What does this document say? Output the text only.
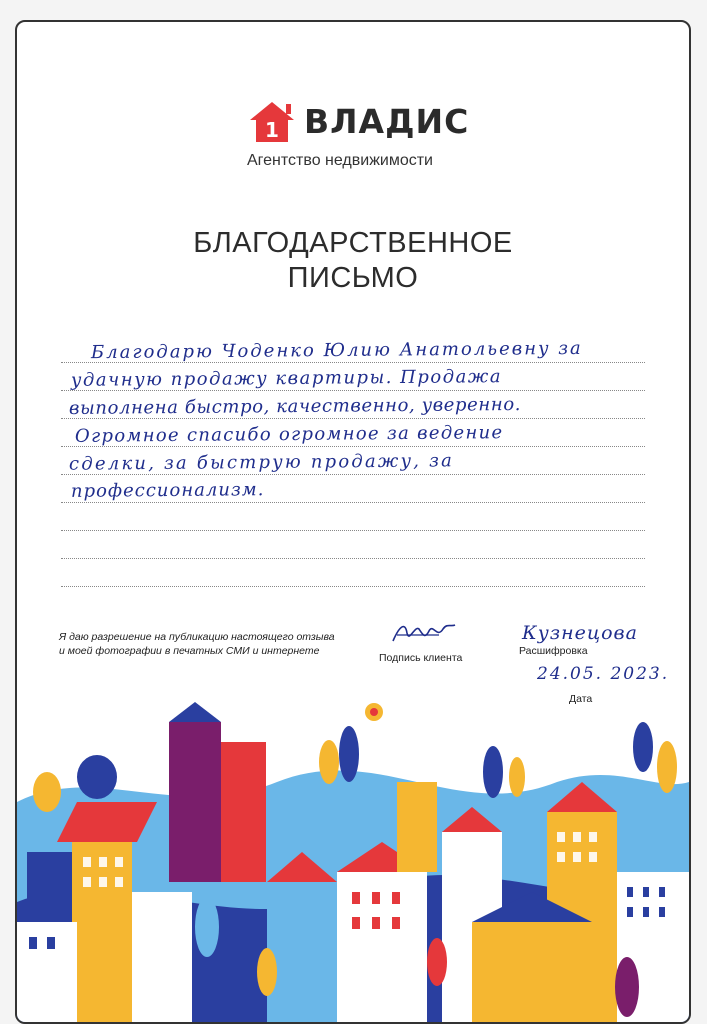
1 ВЛАДИС
Агентство недвижимости
БЛАГОДАРСТВЕННОЕ
ПИСЬМО
Благодарю Чоденко Юлию Анатольевну за
удачную продажу квартиры. Продажа
выполнена быстро, качественно, уверенно.
Огромное спасибо огромное за ведение
сделки, за быструю продажу, за
профессионализм.
Я даю разрешение на публикацию настоящего отзыва
и моей фотографии в печатных СМИ и интернете
Подпись клиента
Кузнецова
Расшифровка
24.05. 2023.
Дата
